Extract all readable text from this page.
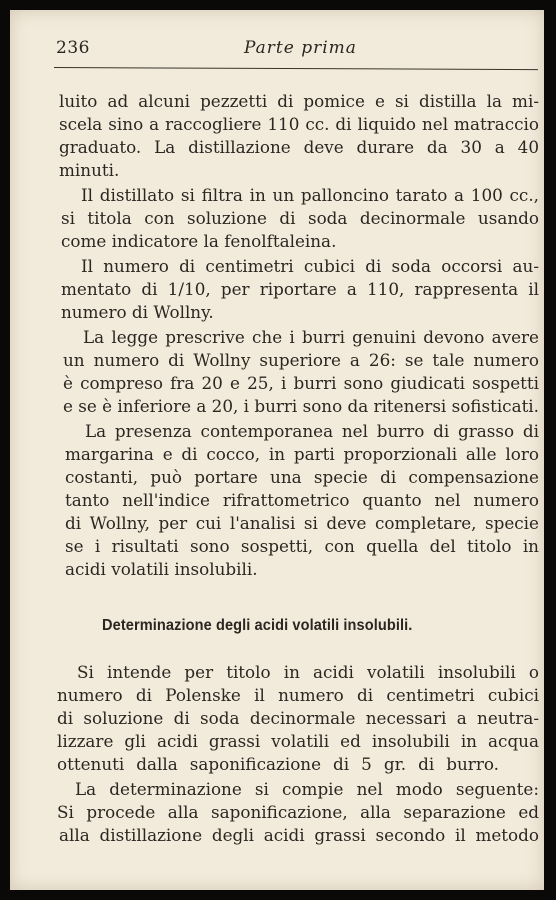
236	Parte prima
luito ad alcuni pezzetti di pomice e si distilla la mi-
scela sino a raccogliere 110 cc. di liquido nel matraccio
graduato. La distillazione deve durare da 30 a 40
minuti.
Il distillato si filtra in un palloncino tarato a 100 cc.,
si titola con soluzione di soda decinormale usando
come indicatore la fenolftaleina.
Il numero di centimetri cubici di soda occorsi au-
mentato di 1/10, per riportare a 110, rappresenta il
numero di Wollny.
La legge prescrive che i burri genuini devono avere
un numero di Wollny superiore a 26: se tale numero
è compreso fra 20 e 25, i burri sono giudicati sospetti
e se è inferiore a 20, i burri sono da ritenersi sofisticati.
La presenza contemporanea nel burro di grasso di
margarina e di cocco, in parti proporzionali alle loro
costanti, può portare una specie di compensazione
tanto nell'indice rifrattometrico quanto nel numero
di Wollny, per cui l'analisi si deve completare, specie
se i risultati sono sospetti, con quella del titolo in
acidi volatili insolubili.
Determinazione degli acidi volatili insolubili.
Si intende per titolo in acidi volatili insolubili o
numero di Polenske il numero di centimetri cubici
di soluzione di soda decinormale necessari a neutra-
lizzare gli acidi grassi volatili ed insolubili in acqua
ottenuti dalla saponificazione di 5 gr. di burro.
La determinazione si compie nel modo seguente:
Si procede alla saponificazione, alla separazione ed
alla distillazione degli acidi grassi secondo il metodo
